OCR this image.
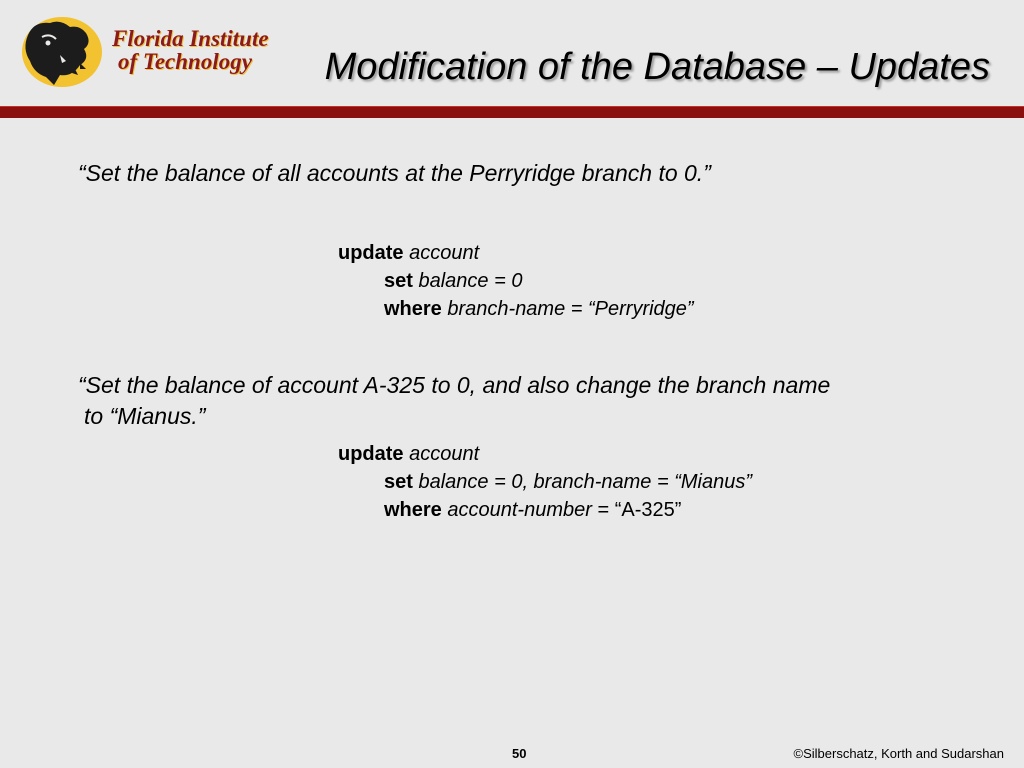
Florida Institute
of Technology Modification of the Database – Updates
“Set the balance of all accounts at the Perryridge branch to 0.”
update account
set balance = 0
where branch-name = “Perryridge”
“Set the balance of account A-325 to 0, and also change the branch name
to “Mianus.”
update account
set balance = 0, branch-name = “Mianus”
where account-number = “A-325”
50	©Silberschatz, Korth and Sudarshan
